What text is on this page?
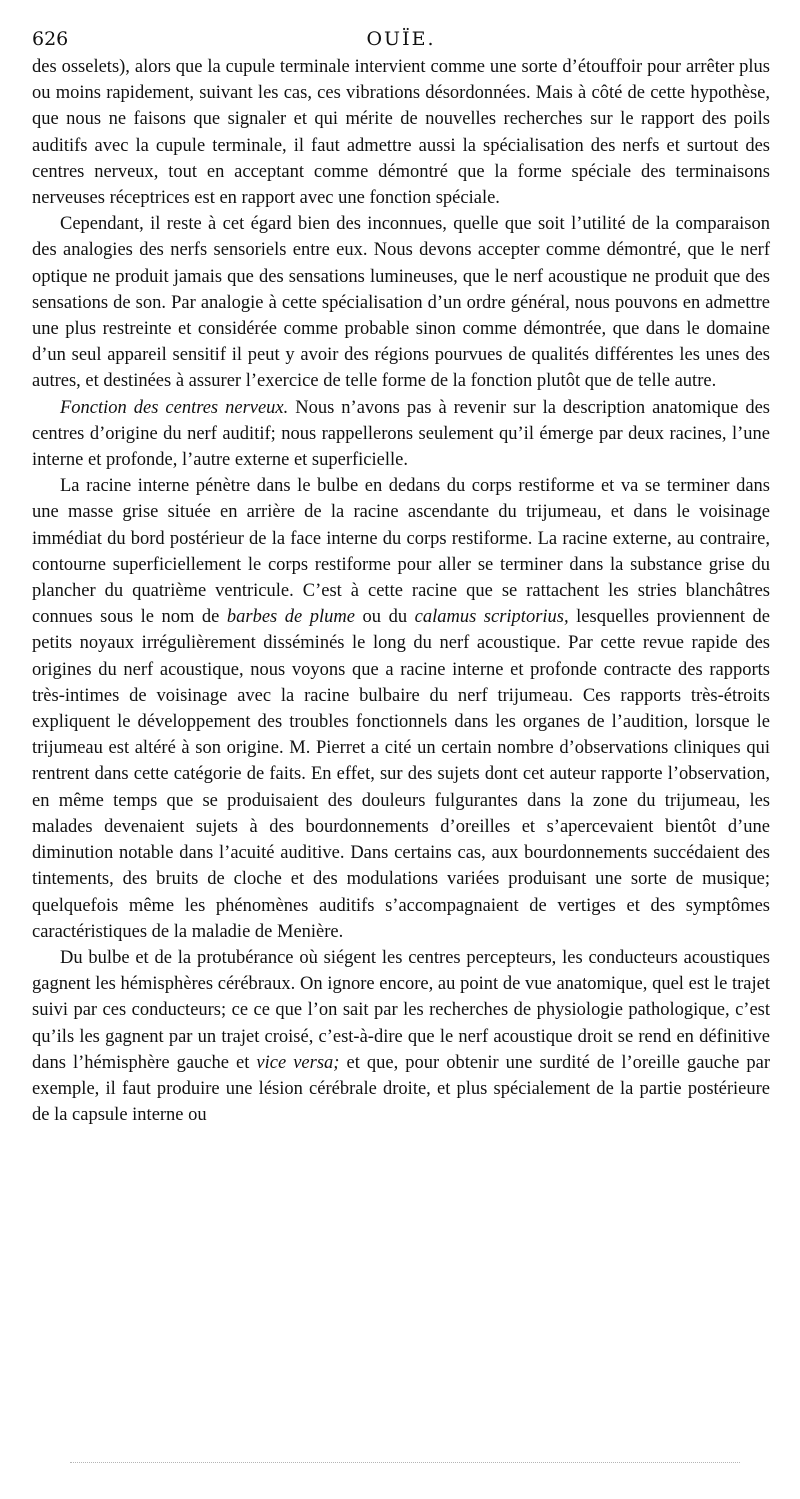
626	OUÏE.

des osselets), alors que la cupule terminale intervient comme une sorte d’étouffoir pour arrêter plus ou moins rapidement, suivant les cas, ces vibrations désordonnées. Mais à côté de cette hypothèse, que nous ne faisons que signaler et qui mérite de nouvelles recherches sur le rapport des poils auditifs avec la cupule terminale, il faut admettre aussi la spécialisation des nerfs et surtout des centres nerveux, tout en acceptant comme démontré que la forme spéciale des terminaisons nerveuses réceptrices est en rapport avec une fonction spéciale.

Cependant, il reste à cet égard bien des inconnues, quelle que soit l’utilité de la comparaison des analogies des nerfs sensoriels entre eux. Nous devons accepter comme démontré, que le nerf optique ne produit jamais que des sensations lumineuses, que le nerf acoustique ne produit que des sensations de son. Par analogie à cette spécialisation d’un ordre général, nous pouvons en admettre une plus restreinte et considérée comme probable sinon comme démontrée, que dans le domaine d’un seul appareil sensitif il peut y avoir des régions pourvues de qualités différentes les unes des autres, et destinées à assurer l’exercice de telle forme de la fonction plutôt que de telle autre.

Fonction des centres nerveux. Nous n’avons pas à revenir sur la description anatomique des centres d’origine du nerf auditif; nous rappellerons seulement qu’il émerge par deux racines, l’une interne et profonde, l’autre externe et superficielle.

La racine interne pénètre dans le bulbe en dedans du corps restiforme et va se terminer dans une masse grise située en arrière de la racine ascendante du trijumeau, et dans le voisinage immédiat du bord postérieur de la face interne du corps restiforme. La racine externe, au contraire, contourne superficiellement le corps restiforme pour aller se terminer dans la substance grise du plancher du quatrième ventricule. C’est à cette racine que se rattachent les stries blanchâtres connues sous le nom de barbes de plume ou du calamus scriptorius, lesquelles proviennent de petits noyaux irrégulièrement disséminés le long du nerf acoustique. Par cette revue rapide des origines du nerf acoustique, nous voyons que a racine interne et profonde contracte des rapports très-intimes de voisinage avec la racine bulbaire du nerf trijumeau. Ces rapports très-étroits expliquent le développement des troubles fonctionnels dans les organes de l’audition, lorsque le trijumeau est altéré à son origine. M. Pierret a cité un certain nombre d’observations cliniques qui rentrent dans cette catégorie de faits. En effet, sur des sujets dont cet auteur rapporte l’observation, en même temps que se produisaient des douleurs fulgurantes dans la zone du trijumeau, les malades devenaient sujets à des bourdonnements d’oreilles et s’apercevaient bientôt d’une diminution notable dans l’acuité auditive. Dans certains cas, aux bourdonnements succédaient des tintements, des bruits de cloche et des modulations variées produisant une sorte de musique; quelquefois même les phénomènes auditifs s’accompagnaient de vertiges et des symptômes caractéristiques de la maladie de Menière.

Du bulbe et de la protubérance où siégent les centres percepteurs, les conducteurs acoustiques gagnent les hémisphères cérébraux. On ignore encore, au point de vue anatomique, quel est le trajet suivi par ces conducteurs; ce ce que l’on sait par les recherches de physiologie pathologique, c’est qu’ils les gagnent par un trajet croisé, c’est-à-dire que le nerf acoustique droit se rend en définitive dans l’hémisphère gauche et vice versa; et que, pour obtenir une surdité de l’oreille gauche par exemple, il faut produire une lésion cérébrale droite, et plus spécialement de la partie postérieure de la capsule interne ou
